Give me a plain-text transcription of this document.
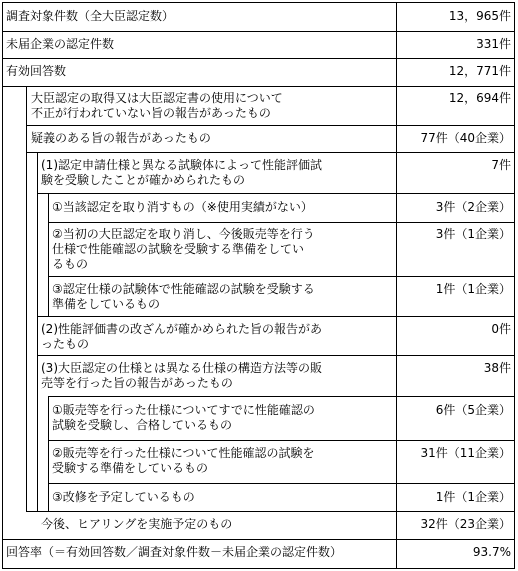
調査対象件数（全大臣認定数）
未届企業の認定件数
有効回答数
大臣認定の取得又は大臣認定書の使用について
不正が行われていない旨の報告があったもの
疑義のある旨の報告があったもの
(1)認定申請仕様と異なる試験体によって性能評価試
験を受験したことが確かめられたもの
①当該認定を取り消すもの（※使用実績がない）
②当初の大臣認定を取り消し、今後販売等を行う
仕様で性能確認の試験を受験する準備をしてい
るもの
③認定仕様の試験体で性能確認の試験を受験する
準備をしているもの
(2)性能評価書の改ざんが確かめられた旨の報告があ
ったもの
(3)大臣認定の仕様とは異なる仕様の構造方法等の販
売等を行った旨の報告があったもの
①販売等を行った仕様についてすでに性能確認の
試験を受験し、合格しているもの
②販売等を行った仕様について性能確認の試験を
受験する準備をしているもの
③改修を予定しているもの
今後、ヒアリングを実施予定のもの
回答率（＝有効回答数／調査対象件数－未届企業の認定件数）
13，965件
331件
12，771件
12，694件
77件（40企業）
7件
3件（2企業）
3件（1企業）
1件（1企業）
0件
38件
6件（5企業）
31件（11企業）
1件（1企業）
32件（23企業）
93.7%
